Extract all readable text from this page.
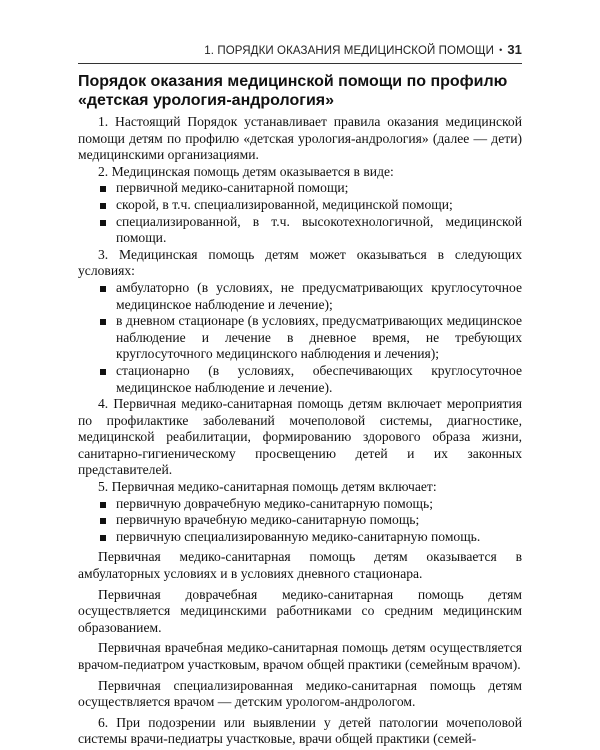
1. ПОРЯДКИ ОКАЗАНИЯ МЕДИЦИНСКОЙ ПОМОЩИ • 31
Порядок оказания медицинской помощи по профилю
«детская урология-андрология»

1. Настоящий Порядок устанавливает правила оказания медицинской помощи детям по профилю «детская урология-андрология» (далее — дети) медицинскими организациями.

2. Медицинская помощь детям оказывается в виде:

первичной медико-санитарной помощи;
скорой, в т.ч. специализированной, медицинской помощи;
специализированной, в т.ч. высокотехнологичной, медицинской помощи.

3. Медицинская помощь детям может оказываться в следующих условиях:

амбулаторно (в условиях, не предусматривающих круглосуточное медицинское наблюдение и лечение);
в дневном стационаре (в условиях, предусматривающих медицинское наблюдение и лечение в дневное время, не требующих круглосуточного медицинского наблюдения и лечения);
стационарно (в условиях, обеспечивающих круглосуточное медицинское наблюдение и лечение).

4. Первичная медико-санитарная помощь детям включает мероприятия по профилактике заболеваний мочеполовой системы, диагностике, медицинской реабилитации, формированию здорового образа жизни, санитарно-гигиеническому просвещению детей и их законных представителей.

5. Первичная медико-санитарная помощь детям включает:

первичную доврачебную медико-санитарную помощь;
первичную врачебную медико-санитарную помощь;
первичную специализированную медико-санитарную помощь.

Первичная медико-санитарная помощь детям оказывается в амбулаторных условиях и в условиях дневного стационара.

Первичная доврачебная медико-санитарная помощь детям осуществляется медицинскими работниками со средним медицинским образованием.

Первичная врачебная медико-санитарная помощь детям осуществляется врачом-педиатром участковым, врачом общей практики (семейным врачом).

Первичная специализированная медико-санитарная помощь детям осуществляется врачом — детским урологом-андрологом.

6. При подозрении или выявлении у детей патологии мочеполовой системы врачи-педиатры участковые, врачи общей практики (семей-
